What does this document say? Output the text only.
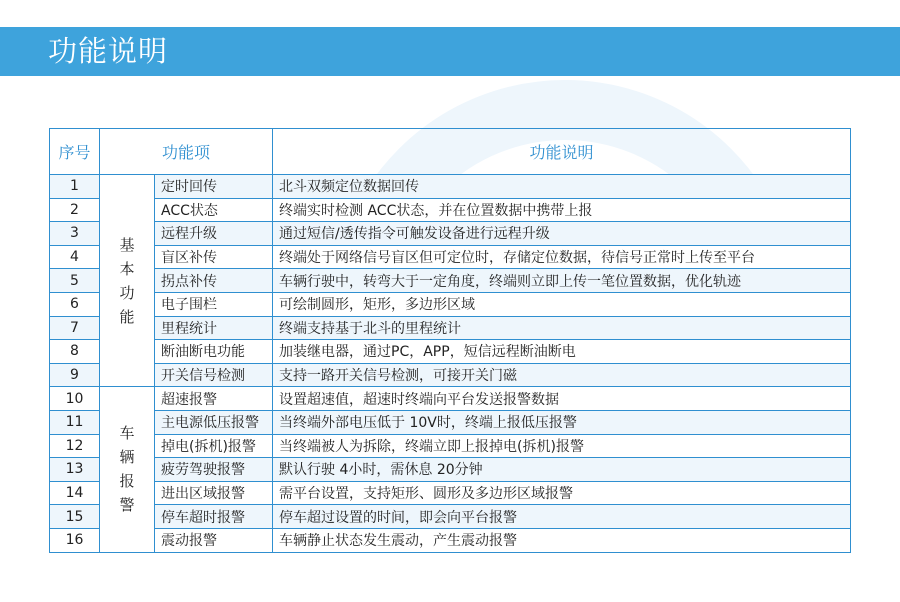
功能说明
序号	功能项		功能说明
1	基本功能	定时回传	北斗双频定位数据回传
2		ACC状态	终端实时检测 ACC状态，并在位置数据中携带上报
3		远程升级	通过短信/透传指令可触发设备进行远程升级
4		盲区补传	终端处于网络信号盲区但可定位时，存储定位数据，待信号正常时上传至平台
5		拐点补传	车辆行驶中，转弯大于一定角度，终端则立即上传一笔位置数据，优化轨迹
6		电子围栏	可绘制圆形，矩形，多边形区域
7		里程统计	终端支持基于北斗的里程统计
8		断油断电功能	加装继电器，通过PC，APP，短信远程断油断电
9		开关信号检测	支持一路开关信号检测，可接开关门磁
10	车辆报警	超速报警	设置超速值，超速时终端向平台发送报警数据
11		主电源低压报警	当终端外部电压低于 10V时，终端上报低压报警
12		掉电(拆机)报警	当终端被人为拆除，终端立即上报掉电(拆机)报警
13		疲劳驾驶报警	默认行驶 4小时，需休息 20分钟
14		进出区域报警	需平台设置，支持矩形、圆形及多边形区域报警
15		停车超时报警	停车超过设置的时间，即会向平台报警
16		震动报警	车辆静止状态发生震动，产生震动报警
